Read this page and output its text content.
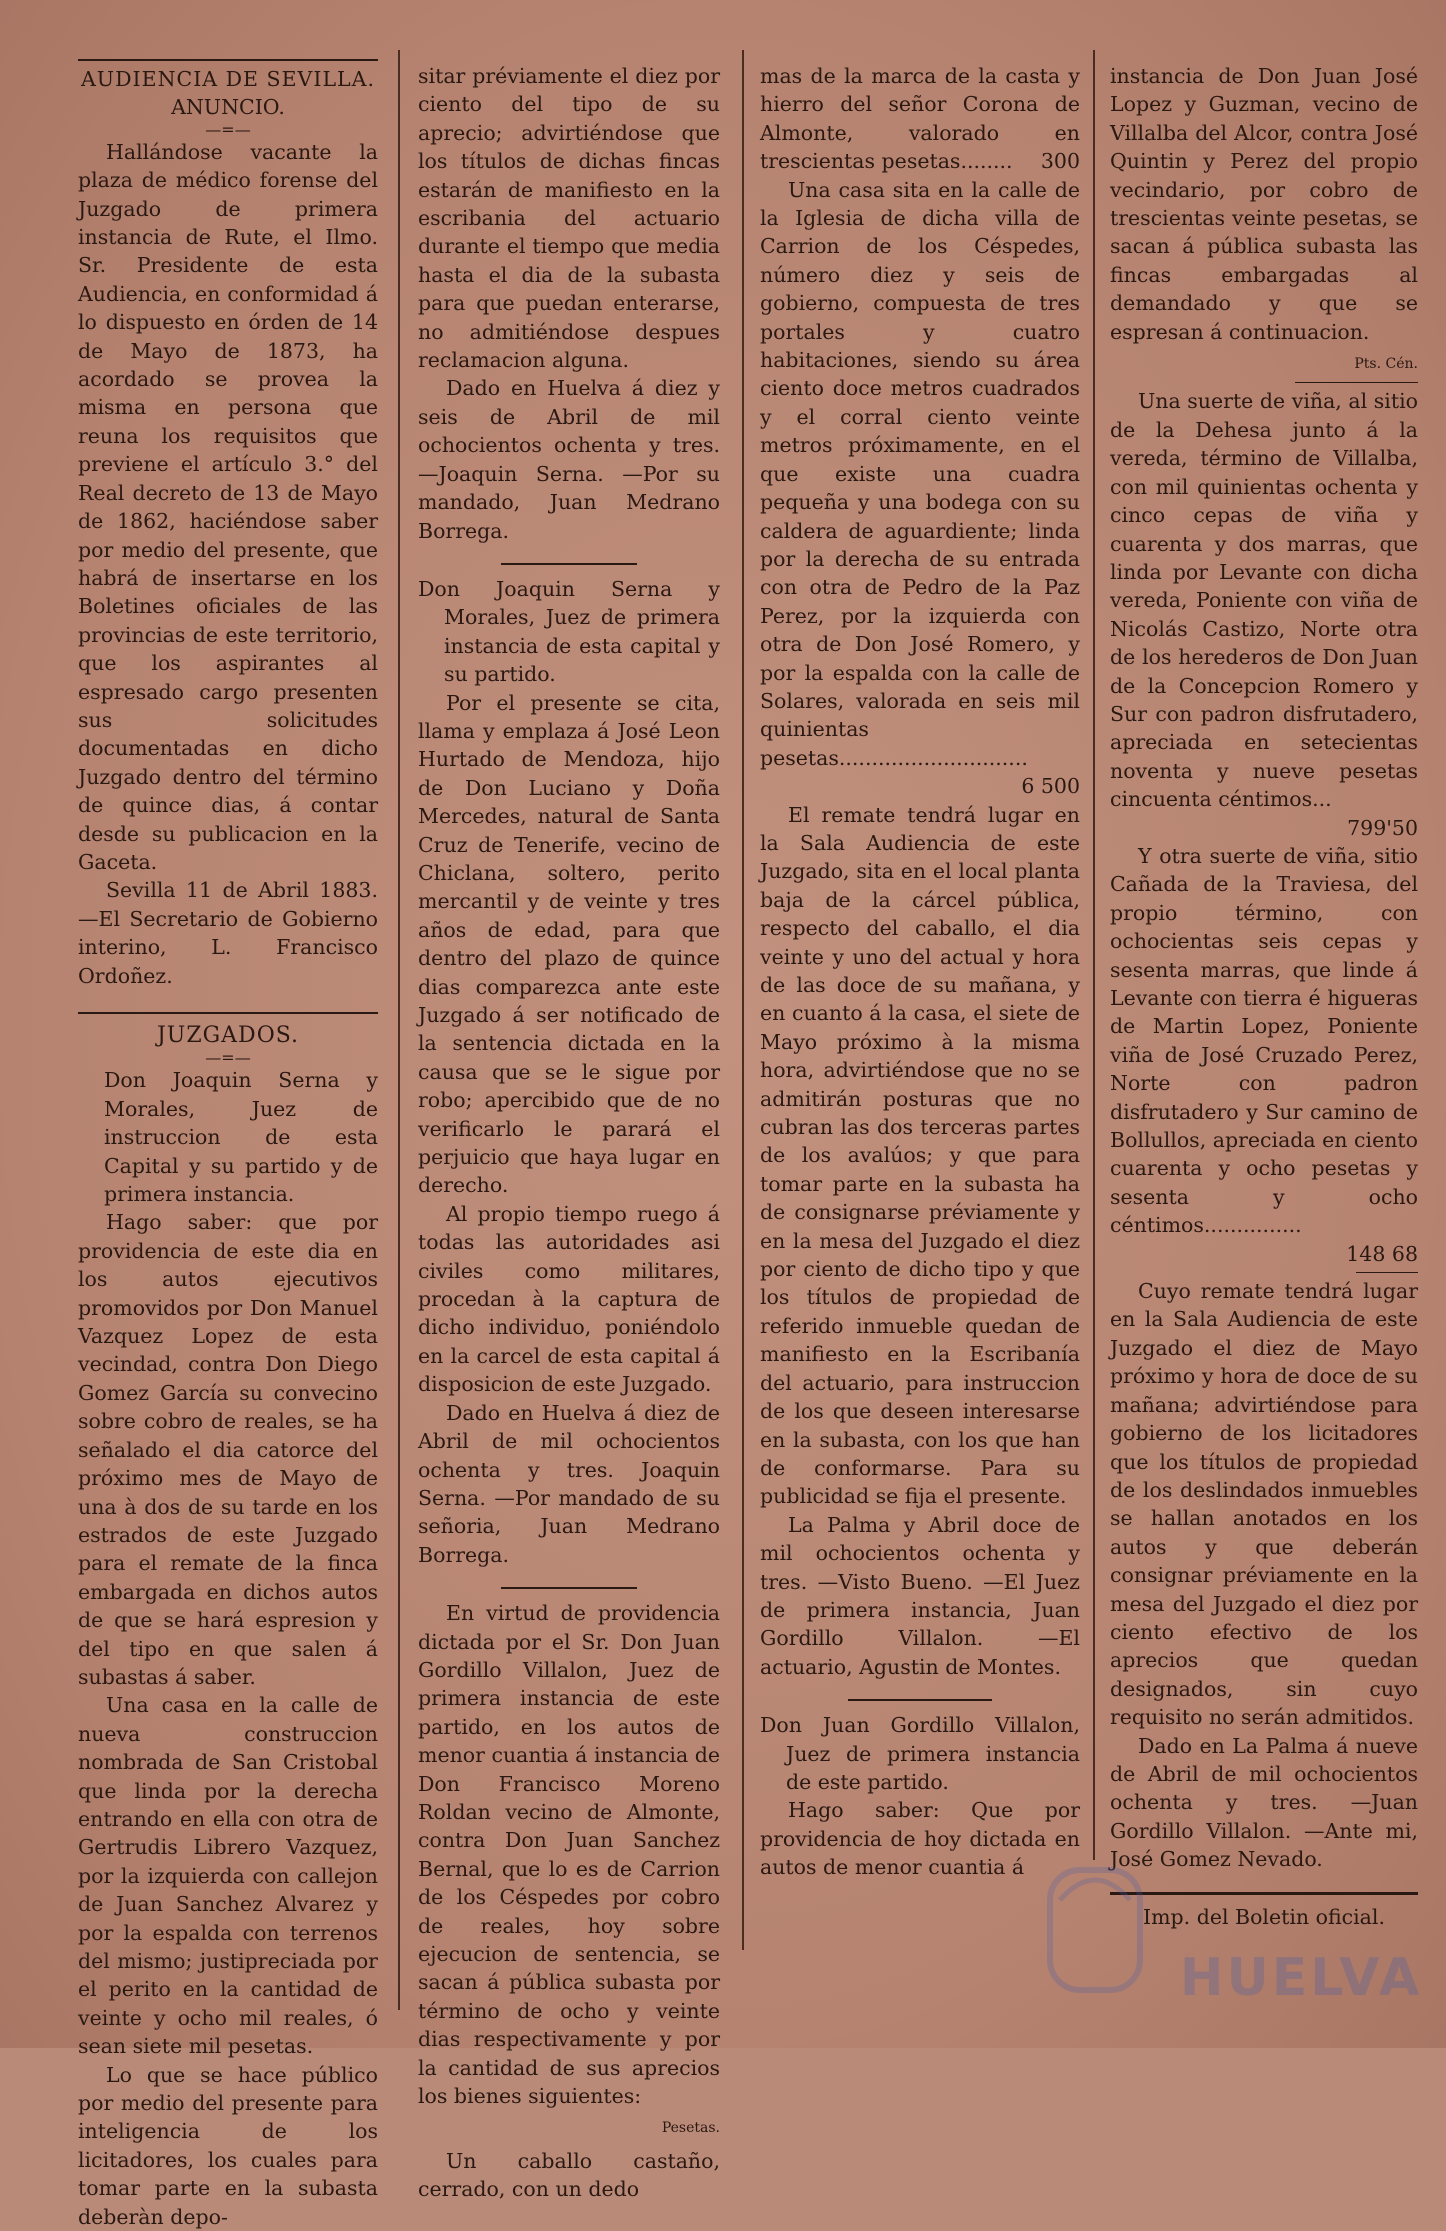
AUDIENCIA DE SEVILLA.
ANUNCIO.
—=—

Hallándose vacante la plaza de médico forense del Juzgado de primera instancia de Rute, el Ilmo. Sr. Presidente de esta Audiencia, en conformidad á lo dispuesto en órden de 14 de Mayo de 1873, ha acordado se provea la misma en persona que reuna los requisitos que previene el artículo 3.° del Real decreto de 13 de Mayo de 1862, haciéndose saber por medio del presente, que habrá de insertarse en los Boletines oficiales de las provincias de este territorio, que los aspirantes al espresado cargo presenten sus solicitudes documentadas en dicho Juzgado dentro del término de quince dias, á contar desde su publicacion en la Gaceta.

Sevilla 11 de Abril 1883. —El Secretario de Gobierno interino, L. Francisco Ordoñez.

JUZGADOS.
—=—

Don Joaquin Serna y Morales, Juez de instruccion de esta Capital y su partido y de primera instancia.

Hago saber: que por providencia de este dia en los autos ejecutivos promovidos por Don Manuel Vazquez Lopez de esta vecindad, contra Don Diego Gomez García su convecino sobre cobro de reales, se ha señalado el dia catorce del próximo mes de Mayo de una à dos de su tarde en los estrados de este Juzgado para el remate de la finca embargada en dichos autos de que se hará espresion y del tipo en que salen á subastas á saber.

Una casa en la calle de nueva construccion nombrada de San Cristobal que linda por la derecha entrando en ella con otra de Gertrudis Librero Vazquez, por la izquierda con callejon de Juan Sanchez Alvarez y por la espalda con terrenos del mismo; justipreciada por el perito en la cantidad de veinte y ocho mil reales, ó sean siete mil pesetas.

Lo que se hace público por medio del presente para inteligencia de los licitadores, los cuales para tomar parte en la subasta deberàn depo-

sitar préviamente el diez por ciento del tipo de su aprecio; advirtiéndose que los títulos de dichas fincas estarán de manifiesto en la escribania del actuario durante el tiempo que media hasta el dia de la subasta para que puedan enterarse, no admitiéndose despues reclamacion alguna.

Dado en Huelva á diez y seis de Abril de mil ochocientos ochenta y tres. —Joaquin Serna. —Por su mandado, Juan Medrano Borrega.

Don Joaquin Serna y Morales, Juez de primera instancia de esta capital y su partido.

Por el presente se cita, llama y emplaza á José Leon Hurtado de Mendoza, hijo de Don Luciano y Doña Mercedes, natural de Santa Cruz de Tenerife, vecino de Chiclana, soltero, perito mercantil y de veinte y tres años de edad, para que dentro del plazo de quince dias comparezca ante este Juzgado á ser notificado de la sentencia dictada en la causa que se le sigue por robo; apercibido que de no verificarlo le parará el perjuicio que haya lugar en derecho.

Al propio tiempo ruego á todas las autoridades asi civiles como militares, procedan à la captura de dicho individuo, poniéndolo en la carcel de esta capital á disposicion de este Juzgado.

Dado en Huelva á diez de Abril de mil ochocientos ochenta y tres. Joaquin Serna. —Por mandado de su señoria, Juan Medrano Borrega.

En virtud de providencia dictada por el Sr. Don Juan Gordillo Villalon, Juez de primera instancia de este partido, en los autos de menor cuantia á instancia de Don Francisco Moreno Roldan vecino de Almonte, contra Don Juan Sanchez Bernal, que lo es de Carrion de los Céspedes por cobro de reales, hoy sobre ejecucion de sentencia, se sacan á pública subasta por término de ocho y veinte dias respectivamente y por la cantidad de sus aprecios los bienes siguientes:

Pesetas.

Un caballo castaño, cerrado, con un dedo

mas de la marca de la casta y hierro del señor Corona de Almonte, valorado en trescientas pesetas........ 300

Una casa sita en la calle de la Iglesia de dicha villa de Carrion de los Céspedes, número diez y seis de gobierno, compuesta de tres portales y cuatro habitaciones, siendo su área ciento doce metros cuadrados y el corral ciento veinte metros próximamente, en el que existe una cuadra pequeña y una bodega con su caldera de aguardiente; linda por la derecha de su entrada con otra de Pedro de la Paz Perez, por la izquierda con otra de Don José Romero, y por la espalda con la calle de Solares, valorada en seis mil quinientas pesetas.............................

6 500

El remate tendrá lugar en la Sala Audiencia de este Juzgado, sita en el local planta baja de la cárcel pública, respecto del caballo, el dia veinte y uno del actual y hora de las doce de su mañana, y en cuanto á la casa, el siete de Mayo próximo à la misma hora, advirtiéndose que no se admitirán posturas que no cubran las dos terceras partes de los avalúos; y que para tomar parte en la subasta ha de consignarse préviamente y en la mesa del Juzgado el diez por ciento de dicho tipo y que los títulos de propiedad de referido inmueble quedan de manifiesto en la Escribanía del actuario, para instruccion de los que deseen interesarse en la subasta, con los que han de conformarse. Para su publicidad se fija el presente.

La Palma y Abril doce de mil ochocientos ochenta y tres. —Visto Bueno. —El Juez de primera instancia, Juan Gordillo Villalon. —El actuario, Agustin de Montes.

Don Juan Gordillo Villalon, Juez de primera instancia de este partido.

Hago saber: Que por providencia de hoy dictada en autos de menor cuantia á

instancia de Don Juan José Lopez y Guzman, vecino de Villalba del Alcor, contra José Quintin y Perez del propio vecindario, por cobro de trescientas veinte pesetas, se sacan á pública subasta las fincas embargadas al demandado y que se espresan á continuacion.

Pts. Cén.

Una suerte de viña, al sitio de la Dehesa junto á la vereda, término de Villalba, con mil quinientas ochenta y cinco cepas de viña y cuarenta y dos marras, que linda por Levante con dicha vereda, Poniente con viña de Nicolás Castizo, Norte otra de los herederos de Don Juan de la Concepcion Romero y Sur con padron disfrutadero, apreciada en setecientas noventa y nueve pesetas cincuenta céntimos...

799'50

Y otra suerte de viña, sitio Cañada de la Traviesa, del propio término, con ochocientas seis cepas y sesenta marras, que linde á Levante con tierra é higueras de Martin Lopez, Poniente viña de José Cruzado Perez, Norte con padron disfrutadero y Sur camino de Bollullos, apreciada en ciento cuarenta y ocho pesetas y sesenta y ocho céntimos...............

148 68

Cuyo remate tendrá lugar en la Sala Audiencia de este Juzgado el diez de Mayo próximo y hora de doce de su mañana; advirtiéndose para gobierno de los licitadores que los títulos de propiedad de los deslindados inmuebles se hallan anotados en los autos y que deberán consignar préviamente en la mesa del Juzgado el diez por ciento efectivo de los aprecios que quedan designados, sin cuyo requisito no serán admitidos.

Dado en La Palma á nueve de Abril de mil ochocientos ochenta y tres. —Juan Gordillo Villalon. —Ante mi, José Gomez Nevado.

Imp. del Boletin oficial.
HUELVA
